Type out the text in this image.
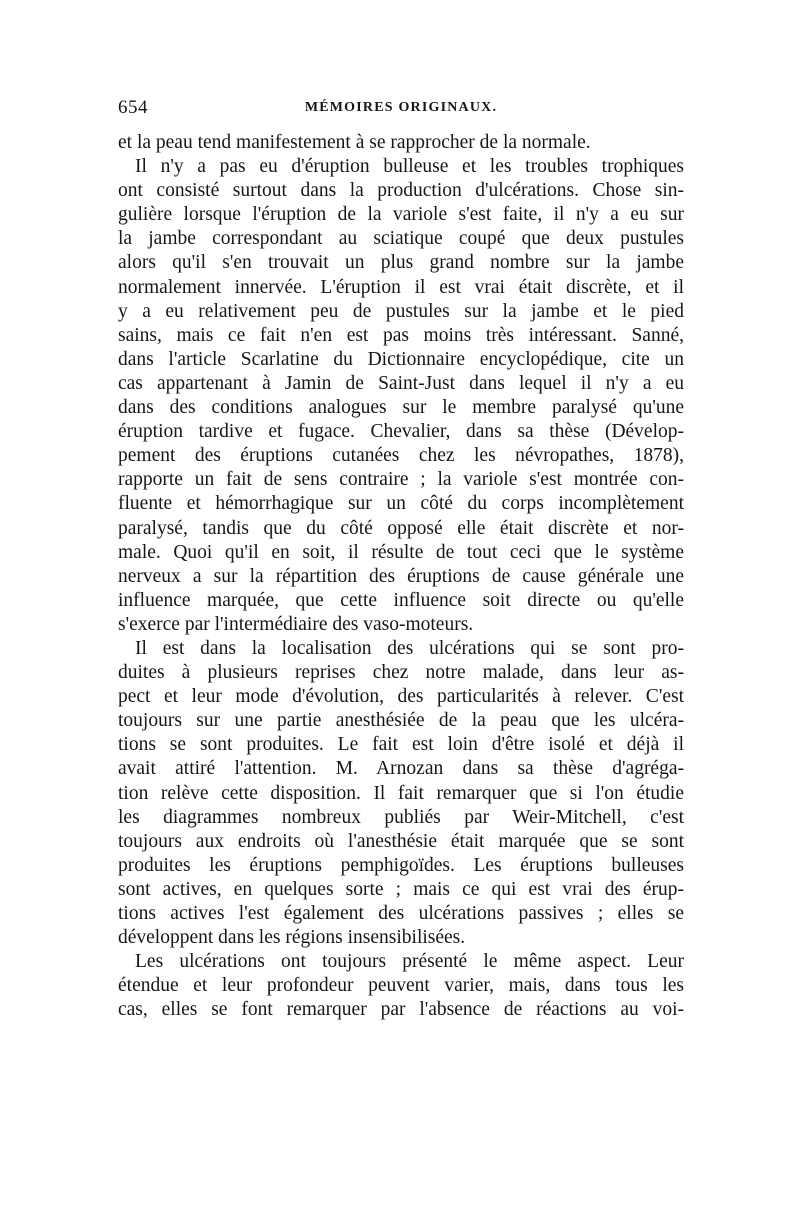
654	MÉMOIRES ORIGINAUX.
et la peau tend manifestement à se rapprocher de la normale.
Il n'y a pas eu d'éruption bulleuse et les troubles trophiques
ont consisté surtout dans la production d'ulcérations. Chose sin-
gulière lorsque l'éruption de la variole s'est faite, il n'y a eu sur
la jambe correspondant au sciatique coupé que deux pustules
alors qu'il s'en trouvait un plus grand nombre sur la jambe
normalement innervée. L'éruption il est vrai était discrète, et il
y a eu relativement peu de pustules sur la jambe et le pied
sains, mais ce fait n'en est pas moins très intéressant. Sanné,
dans l'article Scarlatine du Dictionnaire encyclopédique, cite un
cas appartenant à Jamin de Saint-Just dans lequel il n'y a eu
dans des conditions analogues sur le membre paralysé qu'une
éruption tardive et fugace. Chevalier, dans sa thèse (Dévelop-
pement des éruptions cutanées chez les névropathes, 1878),
rapporte un fait de sens contraire ; la variole s'est montrée con-
fluente et hémorrhagique sur un côté du corps incomplètement
paralysé, tandis que du côté opposé elle était discrète et nor-
male. Quoi qu'il en soit, il résulte de tout ceci que le système
nerveux a sur la répartition des éruptions de cause générale une
influence marquée, que cette influence soit directe ou qu'elle
s'exerce par l'intermédiaire des vaso-moteurs.
Il est dans la localisation des ulcérations qui se sont pro-
duites à plusieurs reprises chez notre malade, dans leur as-
pect et leur mode d'évolution, des particularités à relever. C'est
toujours sur une partie anesthésiée de la peau que les ulcéra-
tions se sont produites. Le fait est loin d'être isolé et déjà il
avait attiré l'attention. M. Arnozan dans sa thèse d'agréga-
tion relève cette disposition. Il fait remarquer que si l'on étudie
les diagrammes nombreux publiés par Weir-Mitchell, c'est
toujours aux endroits où l'anesthésie était marquée que se sont
produites les éruptions pemphigoïdes. Les éruptions bulleuses
sont actives, en quelques sorte ; mais ce qui est vrai des érup-
tions actives l'est également des ulcérations passives ; elles se
développent dans les régions insensibilisées.
Les ulcérations ont toujours présenté le même aspect. Leur
étendue et leur profondeur peuvent varier, mais, dans tous les
cas, elles se font remarquer par l'absence de réactions au voi-
